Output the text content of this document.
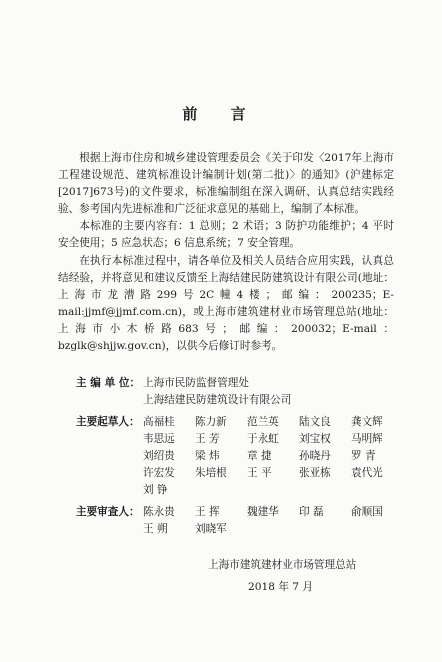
前 言
根据上海市住房和城乡建设管理委员会《关于印发〈2017年上海市工程建设规范、建筑标准设计编制计划(第二批)〉的通知》(沪建标定[2017]673号)的文件要求，标准编制组在深入调研、认真总结实践经验、参考国内先进标准和广泛征求意见的基础上，编制了本标准。
本标准的主要内容有：1 总则；2 术语；3 防护功能维护；4 平时安全使用；5 应急状态；6 信息系统；7 安全管理。
在执行本标准过程中，请各单位及相关人员结合应用实践，认真总结经验，并将意见和建议反馈至上海结建民防建筑设计有限公司(地址：上海市龙漕路299号2C幢4楼；邮编：200235；E-mail:jjmf@jjmf.com.cn)，或上海市建筑建材业市场管理总站(地址：上海市小木桥路683号；邮编：200032；E-mail：bzglk@shjjw.gov.cn)，以供今后修订时参考。
主 编 单 位： 上海市民防监督管理处
上海结建民防建筑设计有限公司
主要起草人： 高福桂	陈力新	范兰英	陆文良	龚文辉
韦思远	王 芳	于永虹	刘宝权	马明辉
刘绍贵	梁 炜	章 捷	孙晓丹	罗 青
许宏发	朱培根	王 平	张亚栋	袁代光
刘 铮
主要审查人： 陈永贵	王 挥	魏建华	印 磊	俞顺国
王 朔	刘晓军
上海市建筑建材业市场管理总站
2018 年 7 月
